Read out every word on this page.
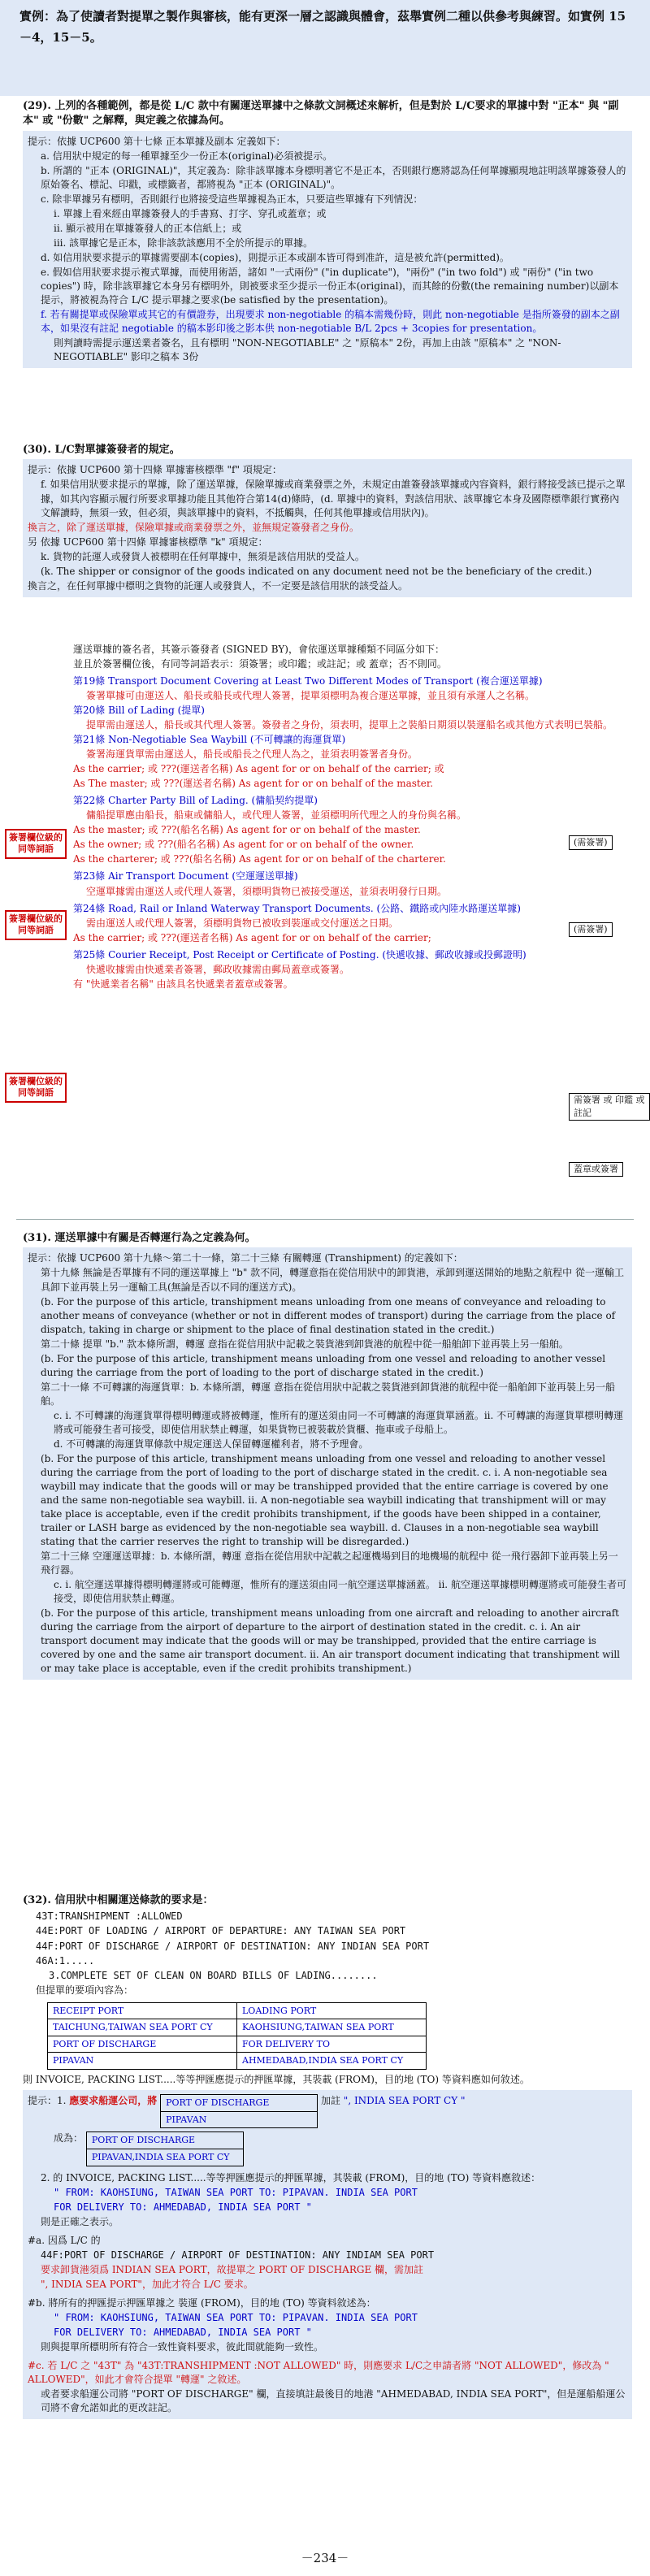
實例：為了使讀者對提單之製作與審核，能有更深一層之認識與體會，茲舉實例二種以供參考與練習。如實例 15－4，15－5。

(29). 上列的各種範例，都是從 L/C 款中有關運送單據中之條款文詞概述來解析，但是對於 L/C要求的單據中對 "正本" 與 "副本" 或 "份數" 之解釋，與定義之依據為何。

提示：依據 UCP600 第十七條 正本單據及副本 定義如下：

a. 信用狀中規定的每一種單據至少一份正本(original)必須被提示。

b. 所謂的 "正本 (ORIGINAL)"，其定義為：除非該單據本身標明著它不是正本，否則銀行應將認為任何單據顯現地註明該單據簽發人的原始簽名、標記、印戳，或標籤者，都將視為 "正本 (ORIGINAL)"。

c. 除非單據另有標明，否則銀行也將接受這些單據視為正本，只要這些單據有下列情況：

i. 單據上看來經由單據簽發人的手書寫、打字、穿孔或蓋章；或

ii. 顯示被用在單據簽發人的正本信紙上；或

iii. 該單據它是正本，除非該款該應用不全於所提示的單據。

d. 如信用狀要求提示的單據需要副本(copies)，則提示正本或副本皆可得到准許，這是被允許(permitted)。

e. 假如信用狀要求提示複式單據，而使用術語，諸如 "一式兩份" ("in duplicate")，"兩份" ("in two fold") 或 "兩份" ("in two copies") 時，除非該單據它本身另有標明外，則被要求至少提示一份正本(original)，而其餘的份數(the remaining number)以副本提示，將被視為符合 L/C 提示單據之要求(be satisfied by the presentation)。

f. 若有關提單或保險單或其它的有價證券，出現要求 non-negotiable 的稿本需幾份時，則此 non-negotiable 是指所簽發的副本之副本，如果沒有註記 negotiable 的稿本影印後之影本供 non-negotiable B/L 2pcs + 3copies for presentation。

則判讀時需提示運送業者簽名，且有標明 "NON-NEGOTIABLE" 之 "原稿本" 2份，再加上由該 "原稿本" 之 "NON-NEGOTIABLE" 影印之稿本 3份

(30). L/C對單據簽發者的規定。

提示：依據 UCP600 第十四條 單據審核標準 "f" 項規定：

f. 如果信用狀要求提示的單據，除了運送單據，保險單據或商業發票之外，未規定由誰簽發該單據或內容資料，銀行將接受該已提示之單據，如其內容顯示履行所要求單據功能且其他符合第14(d)條時，(d. 單據中的資料，對該信用狀、該單據它本身及國際標準銀行實務內文解讀時，無須一致，但必須，與該單據中的資料，不抵觸與，任何其他單據或信用狀內)。

換言之，除了運送單據，保險單據或商業發票之外，並無規定簽發者之身份。

另 依據 UCP600 第十四條 單據審核標準 "k" 項規定：

k. 貨物的託運人或發貨人被標明在任何單據中，無須是該信用狀的受益人。

(k. The shipper or consignor of the goods indicated on any document need not be the beneficiary of the credit.)

換言之，在任何單據中標明之貨物的託運人或發貨人，不一定要是該信用狀的該受益人。

運送單據的簽名者，其簽示簽發者 (SIGNED BY)，會依運送單據種類不同區分如下：

並且於簽署欄位後，有同等詞語表示：須簽署；或印鑑；或註記；或 蓋章；否不則同。

第19條 Transport Document Covering at Least Two Different Modes of Transport (複合運送單據)

簽署單據可由運送人、船長或船長或代理人簽署，提單須標明為複合運送單據，並且須有承運人之名稱。

第20條 Bill of Lading (提單)

提單需由運送人，船長或其代理人簽署。簽發者之身份，須表明，提單上之裝船日期須以裝運船名或其他方式表明已裝船。

第21條 Non-Negotiable Sea Waybill (不可轉讓的海運貨單)

簽署海運貨單需由運送人，船長或船長之代理人為之，並須表明簽署者身份。

As the carrier; 或 ???(運送者名稱) As agent for or on behalf of the carrier; 或

As The master; 或 ???(運送者名稱) As agent for or on behalf of the master.

第22條 Charter Party Bill of Lading. (傭船契約提單)

傭船提單應由船長，船東或傭船人，或代理人簽署，並須標明所代理之人的身份與名稱。

As the master; 或 ???(船名名稱) As agent for or on behalf of the master.

As the owner; 或 ???(船名名稱) As agent for or on behalf of the owner.

As the charterer; 或 ???(船名名稱) As agent for or on behalf of the charterer.

第23條 Air Transport Document (空運運送單據)

空運單據需由運送人或代理人簽署，須標明貨物已被接受運送，並須表明發行日期。

第24條 Road, Rail or Inland Waterway Transport Documents. (公路、鐵路或內陸水路運送單據)

需由運送人或代理人簽署，須標明貨物已被收到裝運或交付運送之日期。

As the carrier; 或 ???(運送者名稱) As agent for or on behalf of the carrier;

第25條 Courier Receipt, Post Receipt or Certificate of Posting. (快遞收據、郵政收據或投郵證明)

快遞收據需由快遞業者簽署，郵政收據需由郵局蓋章或簽署。

有 "快遞業者名稱" 由該具名快遞業者蓋章或簽署。

簽署欄位級的同等詞語
簽署欄位級的同等詞語
簽署欄位級的同等詞語
(需簽署)
(需簽署)
需簽署 或 印鑑 或 註記
蓋章或簽署

(31). 運送單據中有關是否轉運行為之定義為何。

提示：依據 UCP600 第十九條～第二十一條，第二十三條 有關轉運 (Transhipment) 的定義如下：

第十九條 無論是否單據有不同的運送單據上 "b" 款不同，轉運意指在從信用狀中的卸貨港，承卸到運送開始的地點之航程中 從一運輸工具卸下並再裝上另一運輸工具(無論是否以不同的運送方式)。

(b. For the purpose of this article, transhipment means unloading from one means of conveyance and reloading to another means of conveyance (whether or not in different modes of transport) during the carriage from the place of dispatch, taking in charge or shipment to the place of final destination stated in the credit.)

第二十條 提單 "b." 款本條所謂，轉運 意指在從信用狀中記載之裝貨港到卸貨港的航程中從一船舶卸下並再裝上另一船舶。

(b. For the purpose of this article, transhipment means unloading from one vessel and reloading to another vessel during the carriage from the port of loading to the port of discharge stated in the credit.)

第二十一條 不可轉讓的海運貨單：b. 本條所謂，轉運 意指在從信用狀中記載之裝貨港到卸貨港的航程中從一船舶卸下並再裝上另一船舶。

c. i. 不可轉讓的海運貨單得標明轉運或將被轉運，惟所有的運送須由同一不可轉讓的海運貨單涵蓋。ii. 不可轉讓的海運貨單標明轉運將或可能發生者可接受，即使信用狀禁止轉運，如果貨物已被裝載於貨櫃、拖車或子母船上。

d. 不可轉讓的海運貨單條款中規定運送人保留轉運權利者，將不予理會。

(b. For the purpose of this article, transhipment means unloading from one vessel and reloading to another vessel during the carriage from the port of loading to the port of discharge stated in the credit. c. i. A non-negotiable sea waybill may indicate that the goods will or may be transhipped provided that the entire carriage is covered by one and the same non-negotiable sea waybill. ii. A non-negotiable sea waybill indicating that transhipment will or may take place is acceptable, even if the credit prohibits transhipment, if the goods have been shipped in a container, trailer or LASH barge as evidenced by the non-negotiable sea waybill. d. Clauses in a non-negotiable sea waybill stating that the carrier reserves the right to tranship will be disregarded.)

第二十三條 空運運送單據：b. 本條所謂，轉運 意指在從信用狀中記載之起運機場到目的地機場的航程中 從一飛行器卸下並再裝上另一飛行器。

c. i. 航空運送單據得標明轉運將或可能轉運，惟所有的運送須由同一航空運送單據涵蓋。 ii. 航空運送單據標明轉運將或可能發生者可接受，即使信用狀禁止轉運。

(b. For the purpose of this article, transhipment means unloading from one aircraft and reloading to another aircraft during the carriage from the airport of departure to the airport of destination stated in the credit. c. i. An air transport document may indicate that the goods will or may be transhipped, provided that the entire carriage is covered by one and the same air transport document. ii. An air transport document indicating that transhipment will or may take place is acceptable, even if the credit prohibits transhipment.)

(32). 信用狀中相關運送條款的要求是：

43T:TRANSHIPMENT :ALLOWED

44E:PORT OF LOADING / AIRPORT OF DEPARTURE: ANY TAIWAN SEA PORT

44F:PORT OF DISCHARGE / AIRPORT OF DESTINATION: ANY INDIAN SEA PORT

46A:1.....

3.COMPLETE SET OF CLEAN ON BOARD BILLS OF LADING........

但提單的要項內容為：

RECEIPT PORT	LOADING PORT
TAICHUNG,TAIWAN SEA PORT CY	KAOHSIUNG,TAIWAN SEA PORT
PORT OF DISCHARGE	FOR DELIVERY TO
PIPAVAN	AHMEDABAD,INDIA SEA PORT CY

則 INVOICE, PACKING LIST.....等等押匯應提示的押匯單據，其裝載 (FROM)，目的地 (TO) 等資料應如何敘述。

提示：1. 應要求船運公司，將 PORT OF DISCHARGE
PIPAVAN 加註 ", INDIA SEA PORT CY "
成為： PORT OF DISCHARGE
PIPAVAN,INDIA SEA PORT CY

2. 的 INVOICE, PACKING LIST.....等等押匯應提示的押匯單據，其裝載 (FROM)，目的地 (TO) 等資料應敘述：

" FROM: KAOHSIUNG, TAIWAN SEA PORT TO: PIPAVAN. INDIA SEA PORT

FOR DELIVERY TO: AHMEDABAD, INDIA SEA PORT "

則是正確之表示。

#a. 因爲 L/C 的

44F:PORT OF DISCHARGE / AIRPORT OF DESTINATION: ANY INDIAM SEA PORT

要求卸貨港須爲 INDIAN SEA PORT，故提單之 PORT OF DISCHARGE 欄，需加註

", INDIA SEA PORT"，加此才符合 L/C 要求。

#b. 將所有的押匯提示押匯單據之 裝運 (FROM)，目的地 (TO) 等資料敘述為：

" FROM: KAOHSIUNG, TAIWAN SEA PORT TO: PIPAVAN. INDIA SEA PORT

FOR DELIVERY TO: AHMEDABAD, INDIA SEA PORT "

則與提單所標明所有符合一致性資料要求，彼此間就能夠一致性。

#c. 若 L/C 之 "43T" 為 "43T:TRANSHIPMENT :NOT ALLOWED" 時，則應要求 L/C之申請者將 "NOT ALLOWED"，修改為 " ALLOWED"，如此才會符合提單 "轉運" 之敘述。

或者要求船運公司將 "PORT OF DISCHARGE" 欄，直接填註最後目的地港 "AHMEDABAD, INDIA SEA PORT"，但是運船船運公司將不會允諾如此的更改註記。

－234－
